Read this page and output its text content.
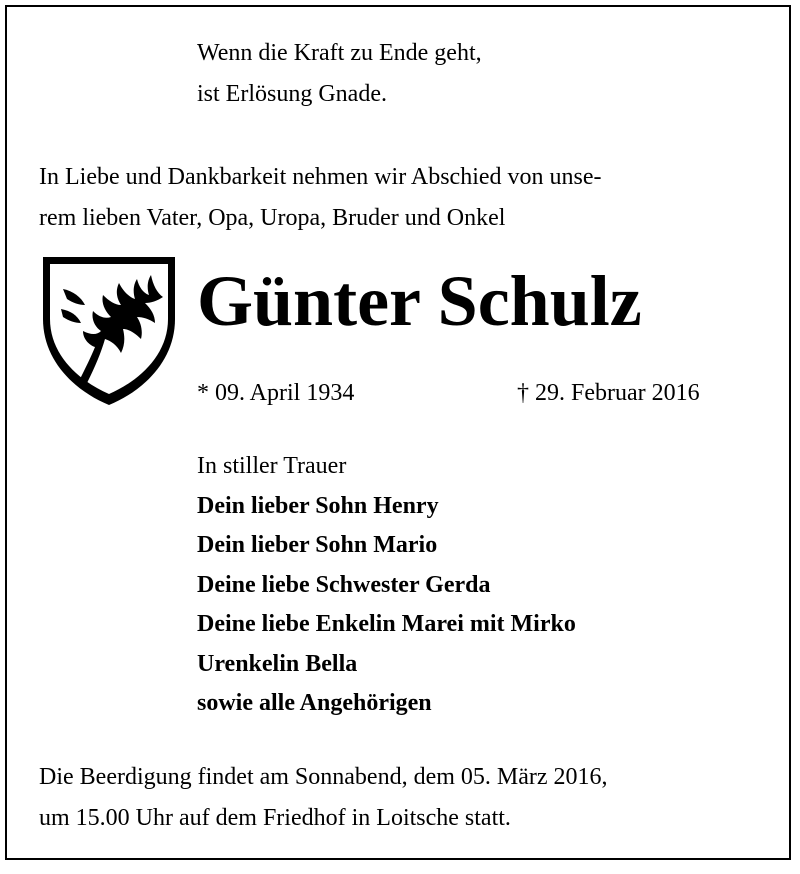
Wenn die Kraft zu Ende geht,
ist Erlösung Gnade.
In Liebe und Dankbarkeit nehmen wir Abschied von unse-
rem lieben Vater, Opa, Uropa, Bruder und Onkel
Günter Schulz
* 09. April 1934	† 29. Februar 2016
In stiller Trauer
Dein lieber Sohn Henry
Dein lieber Sohn Mario
Deine liebe Schwester Gerda
Deine liebe Enkelin Marei mit Mirko
Urenkelin Bella
sowie alle Angehörigen
Die Beerdigung findet am Sonnabend, dem 05. März 2016,
um 15.00 Uhr auf dem Friedhof in Loitsche statt.
